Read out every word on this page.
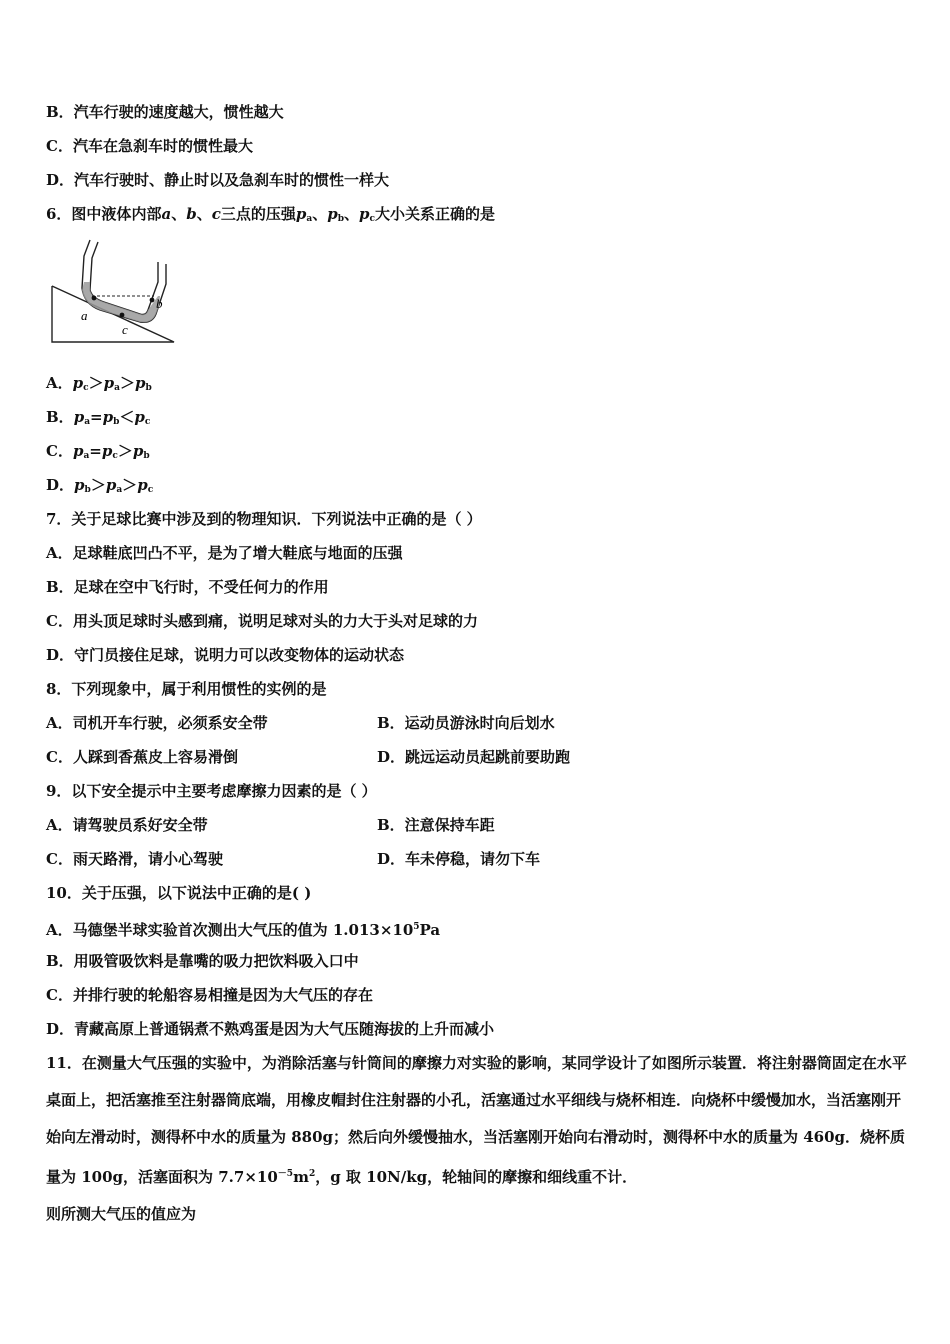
B．汽车行驶的速度越大，惯性越大
C．汽车在急刹车时的惯性最大
D．汽车行驶时、静止时以及急刹车时的惯性一样大
6．图中液体内部a、b、c三点的压强$p_a$、$p_b$、$p_c$大小关系正确的是
a
b
c
A．$p_c>p_a>p_b$
B．$p_a=p_b<p_c$
C．$p_a=p_c>p_b$
D．$p_b>p_a>p_c$
7．关于足球比赛中涉及到的物理知识．下列说法中正确的是（ ）
A．足球鞋底凹凸不平，是为了增大鞋底与地面的压强
B．足球在空中飞行时，不受任何力的作用
C．用头顶足球时头感到痛，说明足球对头的力大于头对足球的力
D．守门员接住足球，说明力可以改变物体的运动状态
8．下列现象中，属于利用惯性的实例的是
A．司机开车行驶，必须系安全带	B．运动员游泳时向后划水
C．人踩到香蕉皮上容易滑倒	D．跳远运动员起跳前要助跑
9．以下安全提示中主要考虑摩擦力因素的是（ ）
A．请驾驶员系好安全带	B．注意保持车距
C．雨天路滑，请小心驾驶	D．车未停稳，请勿下车
10．关于压强，以下说法中正确的是( )
A．马德堡半球实验首次测出大气压的值为 $1.013\times 10^5Pa$
B．用吸管吸饮料是靠嘴的吸力把饮料吸入口中
C．并排行驶的轮船容易相撞是因为大气压的存在
D．青藏高原上普通锅煮不熟鸡蛋是因为大气压随海拔的上升而减小
11．在测量大气压强的实验中，为消除活塞与针筒间的摩擦力对实验的影响，某同学设计了如图所示装置．将注射器筒固定在水平桌面上，把活塞推至注射器筒底端，用橡皮帽封住注射器的小孔，活塞通过水平细线与烧杯相连．向烧杯中缓慢加水，当活塞刚开始向左滑动时，测得杯中水的质量为 880g；然后向外缓慢抽水，当活塞刚开始向右滑动时，测得杯中水的质量为 460g．烧杯质量为 100g，活塞面积为 $7.7\times 10^{-5}m^2$，g 取 10N/kg，轮轴间的摩擦和细线重不计．
则所测大气压的值应为
